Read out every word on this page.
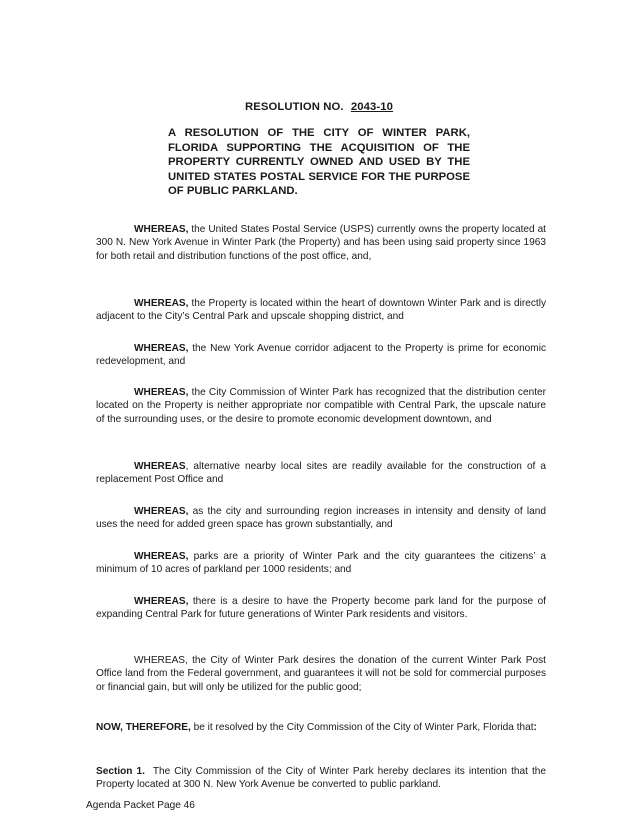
RESOLUTION NO. 2043-10
A RESOLUTION OF THE CITY OF WINTER PARK, FLORIDA SUPPORTING THE ACQUISITION OF THE PROPERTY CURRENTLY OWNED AND USED BY THE UNITED STATES POSTAL SERVICE FOR THE PURPOSE OF PUBLIC PARKLAND.

WHEREAS, the United States Postal Service (USPS) currently owns the property located at 300 N. New York Avenue in Winter Park (the Property) and has been using said property since 1963 for both retail and distribution functions of the post office, and,

WHEREAS, the Property is located within the heart of downtown Winter Park and is directly adjacent to the City’s Central Park and upscale shopping district, and

WHEREAS, the New York Avenue corridor adjacent to the Property is prime for economic redevelopment, and

WHEREAS, the City Commission of Winter Park has recognized that the distribution center located on the Property is neither appropriate nor compatible with Central Park, the upscale nature of the surrounding uses, or the desire to promote economic development downtown, and

WHEREAS, alternative nearby local sites are readily available for the construction of a replacement Post Office and

WHEREAS, as the city and surrounding region increases in intensity and density of land uses the need for added green space has grown substantially, and

WHEREAS, parks are a priority of Winter Park and the city guarantees the citizens’ a minimum of 10 acres of parkland per 1000 residents; and

WHEREAS, there is a desire to have the Property become park land for the purpose of expanding Central Park for future generations of Winter Park residents and visitors.

WHEREAS, the City of Winter Park desires the donation of the current Winter Park Post Office land from the Federal government, and guarantees it will not be sold for commercial purposes or financial gain, but will only be utilized for the public good;

NOW, THEREFORE, be it resolved by the City Commission of the City of Winter Park, Florida that:

Section 1.  The City Commission of the City of Winter Park hereby declares its intention that the Property located at 300 N. New York Avenue be converted to public parkland.

Agenda Packet Page 46
